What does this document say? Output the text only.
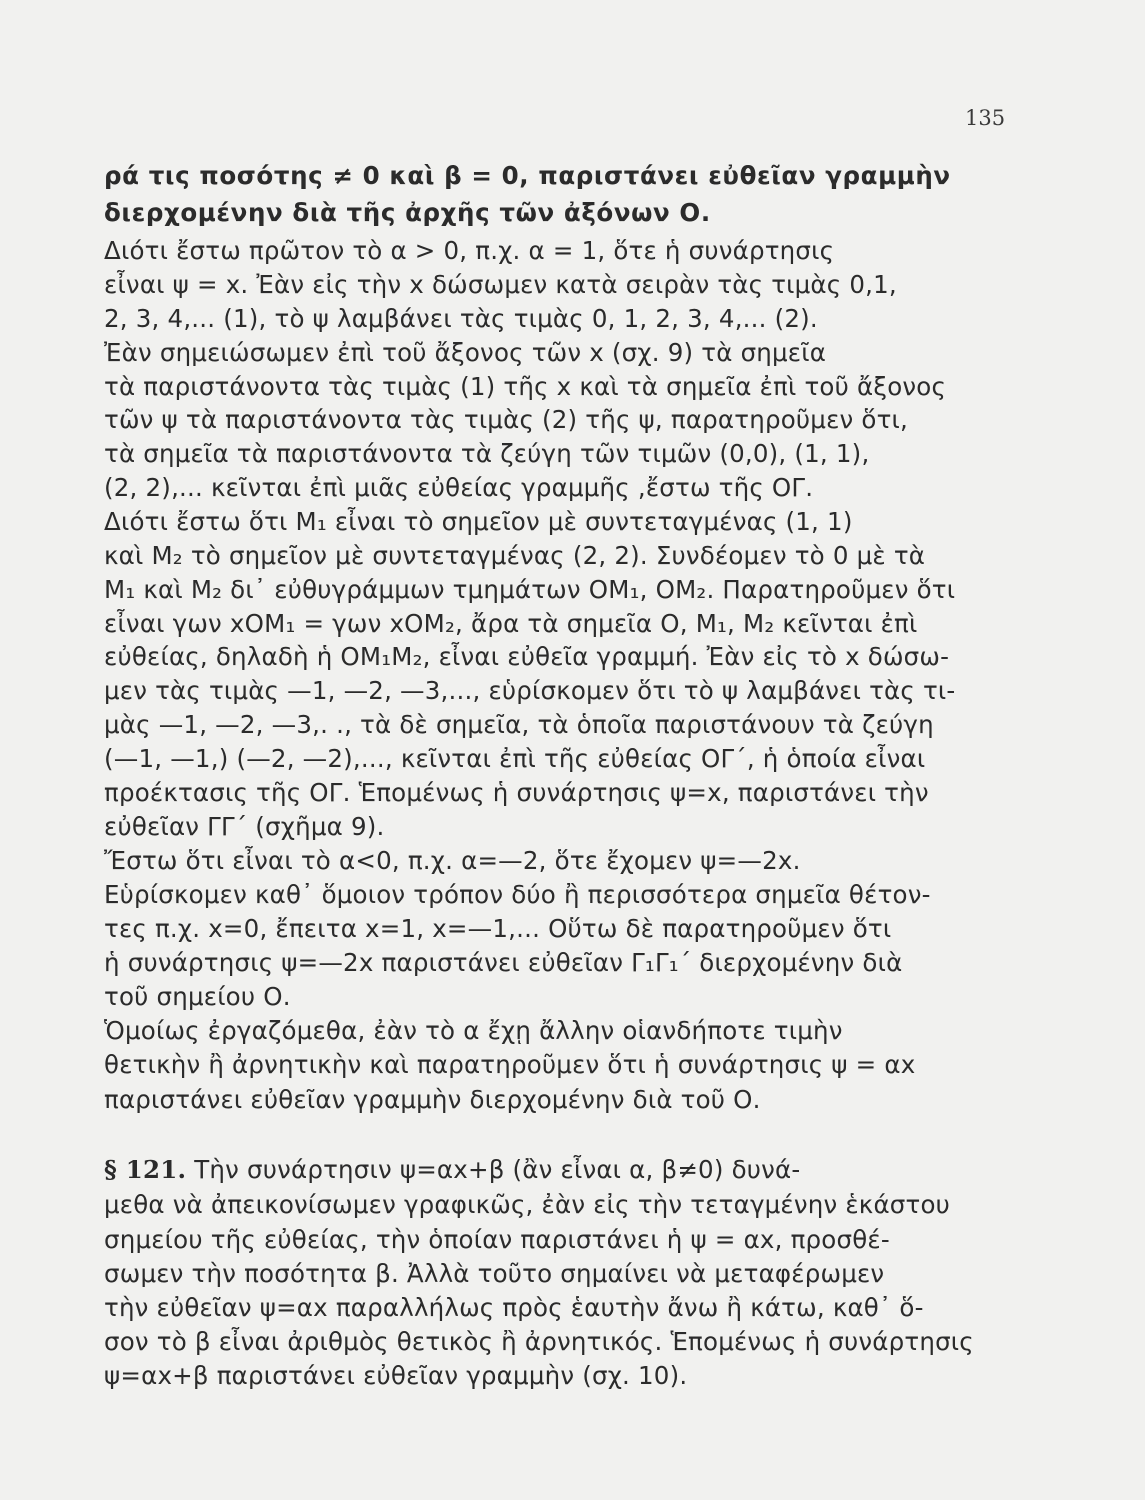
135
ρά τις ποσότης ≠ 0 καὶ β = 0, παριστάνει εὐθεῖαν γραμμὴν
διερχομένην διὰ τῆς ἀρχῆς τῶν ἀξόνων Ο.
Διότι ἔστω πρῶτον τὸ α > 0, π.χ. α = 1, ὅτε ἡ συνάρτησις
εἶναι ψ = x. Ἐὰν εἰς τὴν x δώσωμεν κατὰ σειρὰν τὰς τιμὰς 0,1,
2, 3, 4,... (1), τὸ ψ λαμβάνει τὰς τιμὰς 0, 1, 2, 3, 4,... (2).
Ἐὰν σημειώσωμεν ἐπὶ τοῦ ἄξονος τῶν x (σχ. 9) τὰ σημεῖα
τὰ παριστάνοντα τὰς τιμὰς (1) τῆς x καὶ τὰ σημεῖα ἐπὶ τοῦ ἄξονος
τῶν ψ τὰ παριστάνοντα τὰς τιμὰς (2) τῆς ψ, παρατηροῦμεν ὅτι,
τὰ σημεῖα τὰ παριστάνοντα τὰ ζεύγη τῶν τιμῶν (0,0), (1, 1),
(2, 2),... κεῖνται ἐπὶ μιᾶς εὐθείας γραμμῆς ,ἔστω τῆς ΟΓ.
Διότι ἔστω ὅτι M₁ εἶναι τὸ σημεῖον μὲ συντεταγμένας (1, 1)
καὶ M₂ τὸ σημεῖον μὲ συντεταγμένας (2, 2). Συνδέομεν τὸ 0 μὲ τὰ
M₁ καὶ M₂ δι᾽ εὐθυγράμμων τμημάτων ΟM₁, ΟM₂. Παρατηροῦμεν ὅτι
εἶναι γων xΟM₁ = γων xΟM₂, ἄρα τὰ σημεῖα Ο, M₁, M₂ κεῖνται ἐπὶ
εὐθείας, δηλαδὴ ἡ ΟM₁M₂, εἶναι εὐθεῖα γραμμή. Ἐὰν εἰς τὸ x δώσω-
μεν τὰς τιμὰς —1, —2, —3,..., εὑρίσκομεν ὅτι τὸ ψ λαμβάνει τὰς τι-
μὰς —1, —2, —3,. ., τὰ δὲ σημεῖα, τὰ ὁποῖα παριστάνουν τὰ ζεύγη
(—1, —1,) (—2, —2),..., κεῖνται ἐπὶ τῆς εὐθείας ΟΓ΄, ἡ ὁποία εἶναι
προέκτασις τῆς ΟΓ. Ἑπομένως ἡ συνάρτησις ψ=x, παριστάνει τὴν
εὐθεῖαν ΓΓ΄ (σχῆμα 9).
Ἔστω ὅτι εἶναι τὸ α<0, π.χ. α=—2, ὅτε ἔχομεν ψ=—2x.
Εὑρίσκομεν καθ᾽ ὅμοιον τρόπον δύο ἢ περισσότερα σημεῖα θέτον-
τες π.χ. x=0, ἔπειτα x=1, x=—1,... Οὕτω δὲ παρατηροῦμεν ὅτι
ἡ συνάρτησις ψ=—2x παριστάνει εὐθεῖαν Γ₁Γ₁΄ διερχομένην διὰ
τοῦ σημείου Ο.
Ὁμοίως ἐργαζόμεθα, ἐὰν τὸ α ἔχῃ ἄλλην οἱανδήποτε τιμὴν
θετικὴν ἢ ἀρνητικὴν καὶ παρατηροῦμεν ὅτι ἡ συνάρτησις ψ = αx
παριστάνει εὐθεῖαν γραμμὴν διερχομένην διὰ τοῦ Ο.
§ 121. Τὴν συνάρτησιν ψ=αx+β (ἂν εἶναι α, β≠0) δυνά-
μεθα νὰ ἀπεικονίσωμεν γραφικῶς, ἐὰν εἰς τὴν τεταγμένην ἑκάστου
σημείου τῆς εὐθείας, τὴν ὁποίαν παριστάνει ἡ ψ = αx, προσθέ-
σωμεν τὴν ποσότητα β. Ἀλλὰ τοῦτο σημαίνει νὰ μεταφέρωμεν
τὴν εὐθεῖαν ψ=αx παραλλήλως πρὸς ἑαυτὴν ἄνω ἢ κάτω, καθ᾽ ὅ-
σον τὸ β εἶναι ἀριθμὸς θετικὸς ἢ ἀρνητικός. Ἑπομένως ἡ συνάρτησις
ψ=αx+β παριστάνει εὐθεῖαν γραμμὴν (σχ. 10).
